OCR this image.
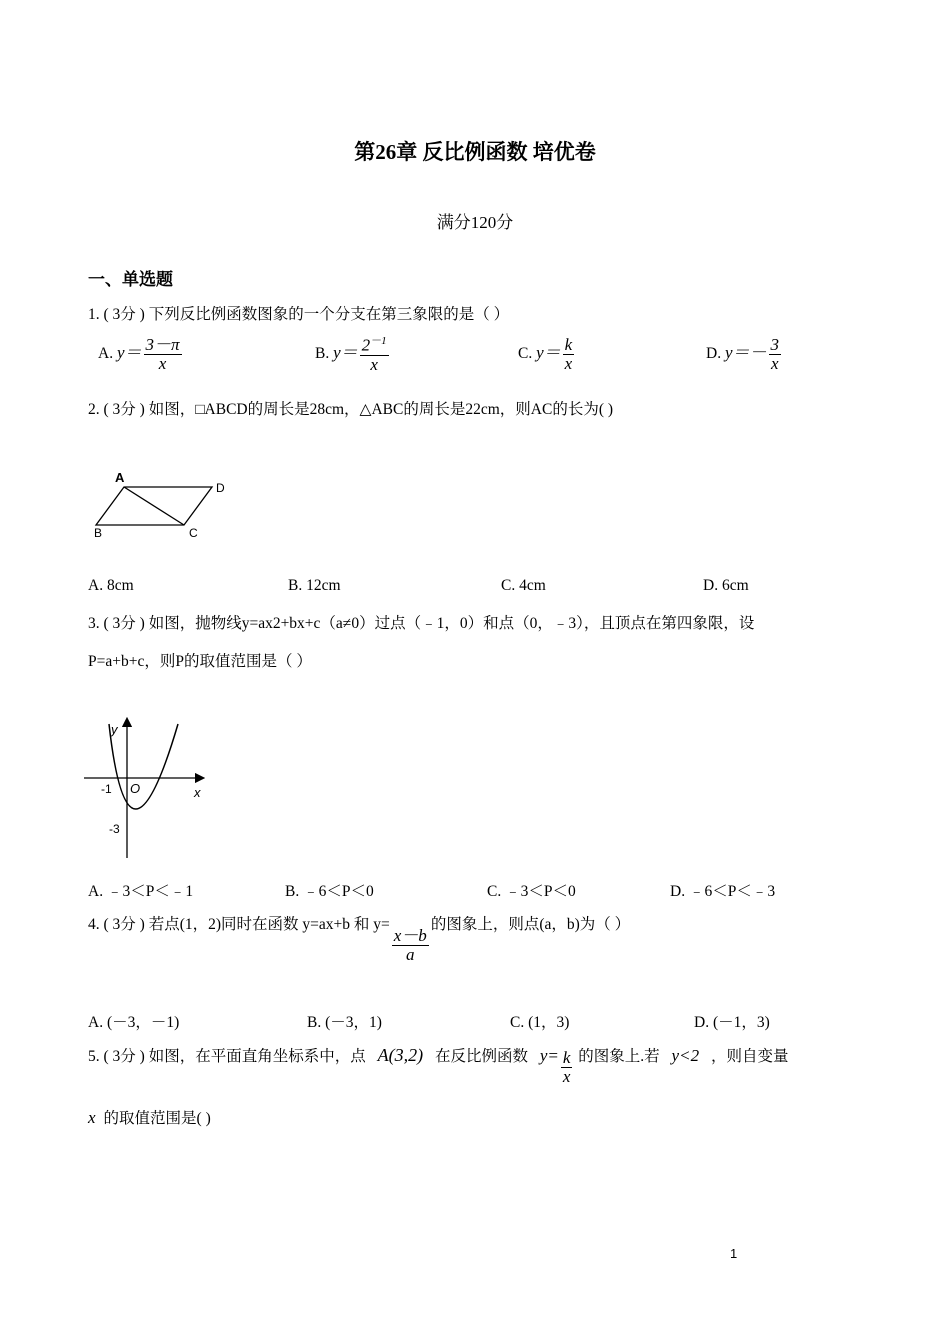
第26章 反比例函数 培优卷
满分120分
一、单选题
1. ( 3分 ) 下列反比例函数图象的一个分支在第三象限的是（ ）
A. $y= \frac{3-\pi}{x}$	B. $y= \frac{2^{-1}}{x}$	C. $y= \frac{k}{x}$	D. $y=- \frac{3}{x}$
2. ( 3分 ) 如图，□ABCD的周长是28cm，△ABC的周长是22cm，则AC的长为( )
A
D
B	C
A. 8cm	B. 12cm	C. 4cm	D. 6cm
3. ( 3分 ) 如图，抛物线y=ax2+bx+c（a≠0）过点（﹣1，0）和点（0，﹣3），且顶点在第四象限，设
P=a+b+c，则P的取值范围是（ ）
y
x
O
-1
-3
A. ﹣3＜P＜﹣1	B. ﹣6＜P＜0	C. ﹣3＜P＜0	D. ﹣6＜P＜﹣3
4. ( 3分 ) 若点(1，2)同时在函数 y=ax+b 和 y=
$\frac{x-b}{a}$
的图象上，则点(a，b)为（ ）
A. (－3，－1)	B. (－3，1)	C. (1，3)	D. (－1，3)
5. ( 3分 ) 如图，在平面直角坐标系中，点 A(3,2) 在反比例函数 $y= \frac{k}{x}$ 的图象上.若 y<2 ，则自变量
x 的取值范围是( )
1
